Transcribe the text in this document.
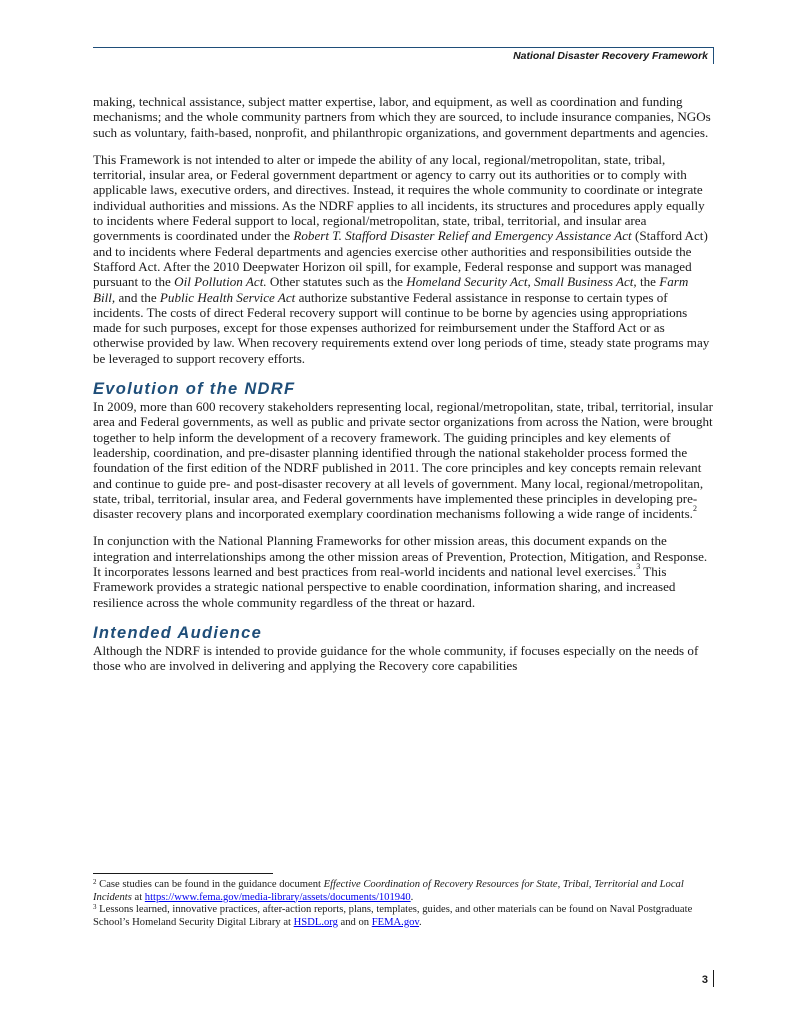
National Disaster Recovery Framework

making, technical assistance, subject matter expertise, labor, and equipment, as well as coordination and funding mechanisms; and the whole community partners from which they are sourced, to include insurance companies, NGOs such as voluntary, faith-based, nonprofit, and philanthropic organizations, and government departments and agencies.

This Framework is not intended to alter or impede the ability of any local, regional/metropolitan, state, tribal, territorial, insular area, or Federal government department or agency to carry out its authorities or to comply with applicable laws, executive orders, and directives. Instead, it requires the whole community to coordinate or integrate individual authorities and missions. As the NDRF applies to all incidents, its structures and procedures apply equally to incidents where Federal support to local, regional/metropolitan, state, tribal, territorial, and insular area governments is coordinated under the Robert T. Stafford Disaster Relief and Emergency Assistance Act (Stafford Act) and to incidents where Federal departments and agencies exercise other authorities and responsibilities outside the Stafford Act. After the 2010 Deepwater Horizon oil spill, for example, Federal response and support was managed pursuant to the Oil Pollution Act. Other statutes such as the Homeland Security Act, Small Business Act, the Farm Bill, and the Public Health Service Act authorize substantive Federal assistance in response to certain types of incidents. The costs of direct Federal recovery support will continue to be borne by agencies using appropriations made for such purposes, except for those expenses authorized for reimbursement under the Stafford Act or as otherwise provided by law. When recovery requirements extend over long periods of time, steady state programs may be leveraged to support recovery efforts.

Evolution of the NDRF

In 2009, more than 600 recovery stakeholders representing local, regional/metropolitan, state, tribal, territorial, insular area and Federal governments, as well as public and private sector organizations from across the Nation, were brought together to help inform the development of a recovery framework. The guiding principles and key elements of leadership, coordination, and pre-disaster planning identified through the national stakeholder process formed the foundation of the first edition of the NDRF published in 2011. The core principles and key concepts remain relevant and continue to guide pre- and post-disaster recovery at all levels of government. Many local, regional/metropolitan, state, tribal, territorial, insular area, and Federal governments have implemented these principles in developing pre-disaster recovery plans and incorporated exemplary coordination mechanisms following a wide range of incidents.$^2$

In conjunction with the National Planning Frameworks for other mission areas, this document expands on the integration and interrelationships among the other mission areas of Prevention, Protection, Mitigation, and Response. It incorporates lessons learned and best practices from real-world incidents and national level exercises.$^3$ This Framework provides a strategic national perspective to enable coordination, information sharing, and increased resilience across the whole community regardless of the threat or hazard.

Intended Audience

Although the NDRF is intended to provide guidance for the whole community, if focuses especially on the needs of those who are involved in delivering and applying the Recovery core capabilities

$^2$ Case studies can be found in the guidance document Effective Coordination of Recovery Resources for State, Tribal, Territorial and Local Incidents at https://www.fema.gov/media-library/assets/documents/101940.

$^3$ Lessons learned, innovative practices, after-action reports, plans, templates, guides, and other materials can be found on Naval Postgraduate School’s Homeland Security Digital Library at HSDL.org and on FEMA.gov.

3
